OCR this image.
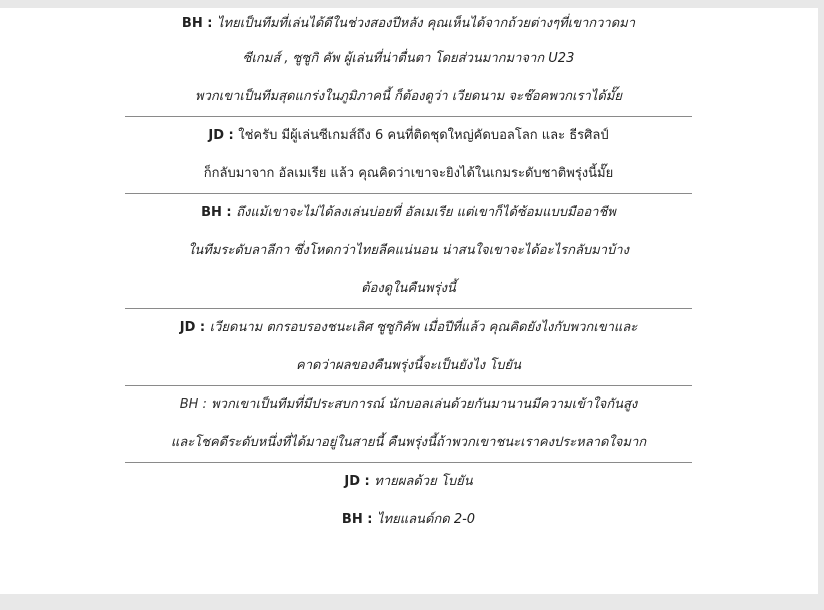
BH : ไทยเป็นทีมที่เล่นได้ดีในช่วงสองปีหลัง คุณเห็นได้จากถ้วยต่างๆที่เขากวาดมา
ซีเกมส์ , ซูซูกิ คัพ ผู้เล่นที่น่าตื่นตา โดยส่วนมากมาจาก U23
พวกเขาเป็นทีมสุดแกร่งในภูมิภาคนี้ ก็ต้องดูว่า เวียดนาม จะช๊อคพวกเราได้มั๊ย
JD : ใช่ครับ มีผู้เล่นซีเกมส์ถึง 6 คนที่ติดชุดใหญ่คัดบอลโลก และ ธีรศิลป์
ก็กลับมาจาก อัลเมเรีย แล้ว คุณคิดว่าเขาจะยิงได้ในเกมระดับชาติพรุ่งนี้มั๊ย
BH : ถึงแม้เขาจะไม่ได้ลงเล่นบ่อยที่ อัลเมเรีย แต่เขาก็ได้ซ้อมแบบมืออาชีพ
ในทีมระดับลาลีกา ซึ่งโหดกว่าไทยลีคแน่นอน น่าสนใจเขาจะได้อะไรกลับมาบ้าง
ต้องดูในคืนพรุ่งนี้
JD : เวียดนาม ตกรอบรองชนะเลิศ ซูซูกิคัพ เมื่อปีที่แล้ว คุณคิดยังไงกับพวกเขาและ
คาดว่าผลของคืนพรุ่งนี้จะเป็นยังไง โบยัน
BH : พวกเขาเป็นทีมที่มีประสบการณ์ นักบอลเล่นด้วยกันมานานมีความเข้าใจกันสูง
และโชคดีระดับหนึ่งที่ได้มาอยู่ในสายนี้ คืนพรุ่งนี้ถ้าพวกเขาชนะเราคงประหลาดใจมาก
JD : ทายผลด้วย โบยัน
BH : ไทยแลนด์กด 2-0
